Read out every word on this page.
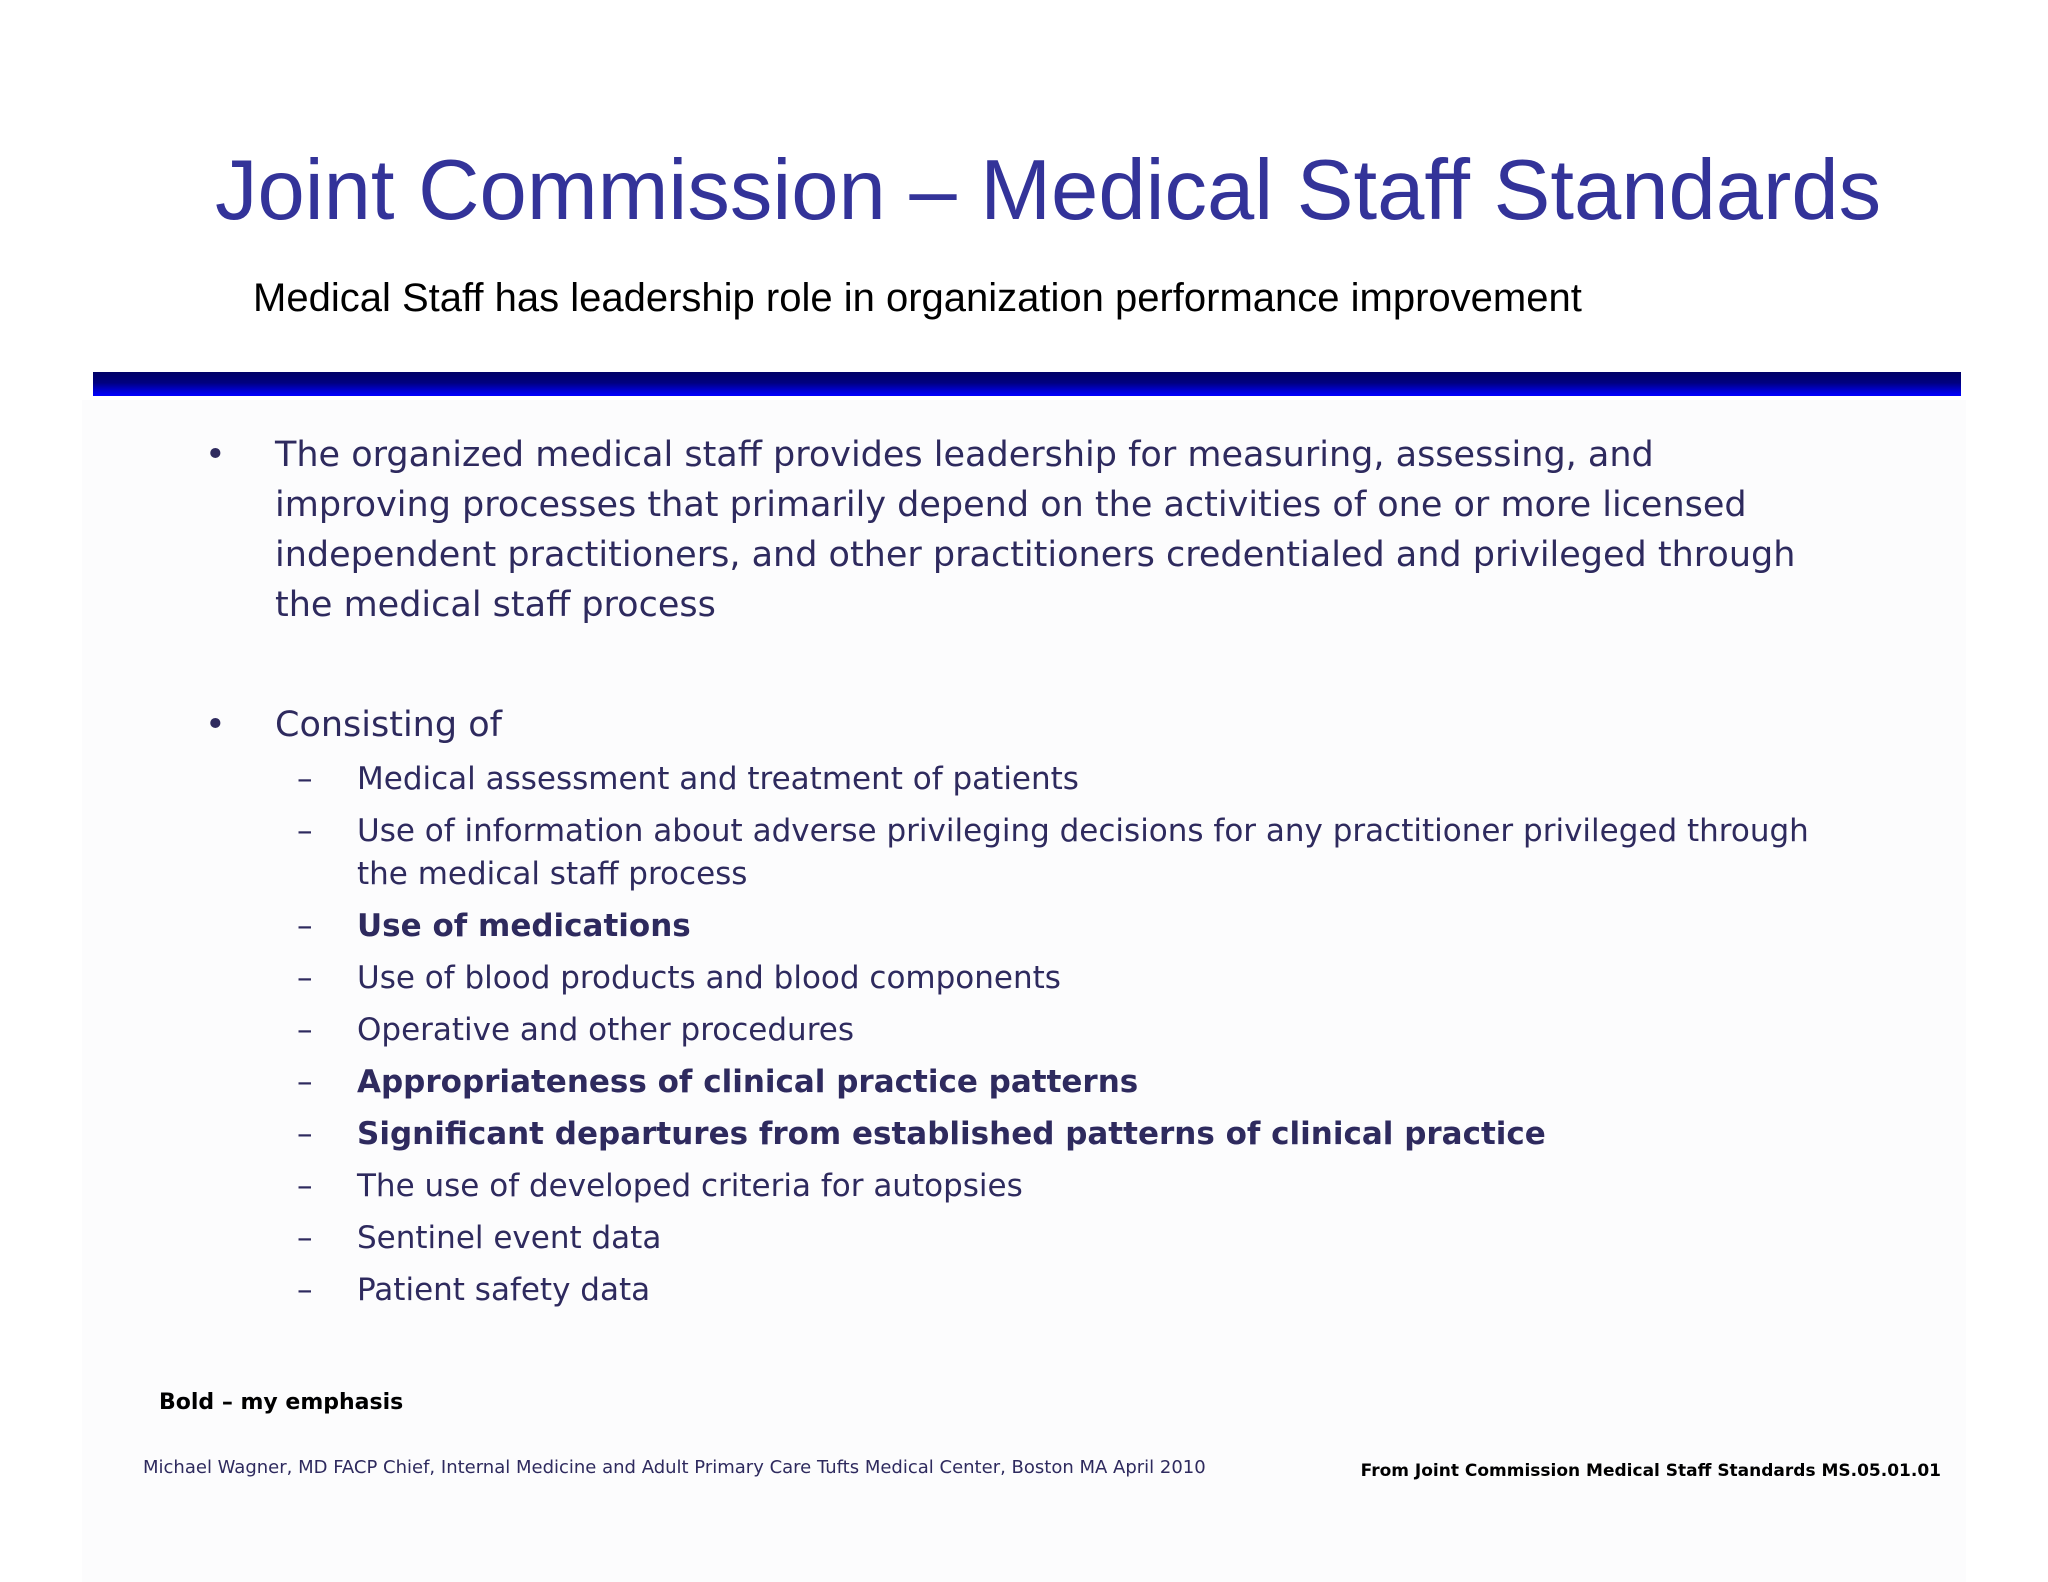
Joint Commission – Medical Staff Standards

Medical Staff has leadership role in organization performance improvement

• The organized medical staff provides leadership for measuring, assessing, and improving processes that primarily depend on the activities of one or more licensed independent practitioners, and other practitioners credentialed and privileged through the medical staff process
• Consisting of
– Medical assessment and treatment of patients
– Use of information about adverse privileging decisions for any practitioner privileged through the medical staff process
– Use of medications
– Use of blood products and blood components
– Operative and other procedures
– Appropriateness of clinical practice patterns
– Significant departures from established patterns of clinical practice
– The use of developed criteria for autopsies
– Sentinel event data
– Patient safety data
Bold – my emphasis
Michael Wagner, MD FACP Chief, Internal Medicine and Adult Primary Care Tufts Medical Center, Boston MA April 2010	From Joint Commission Medical Staff Standards MS.05.01.01
